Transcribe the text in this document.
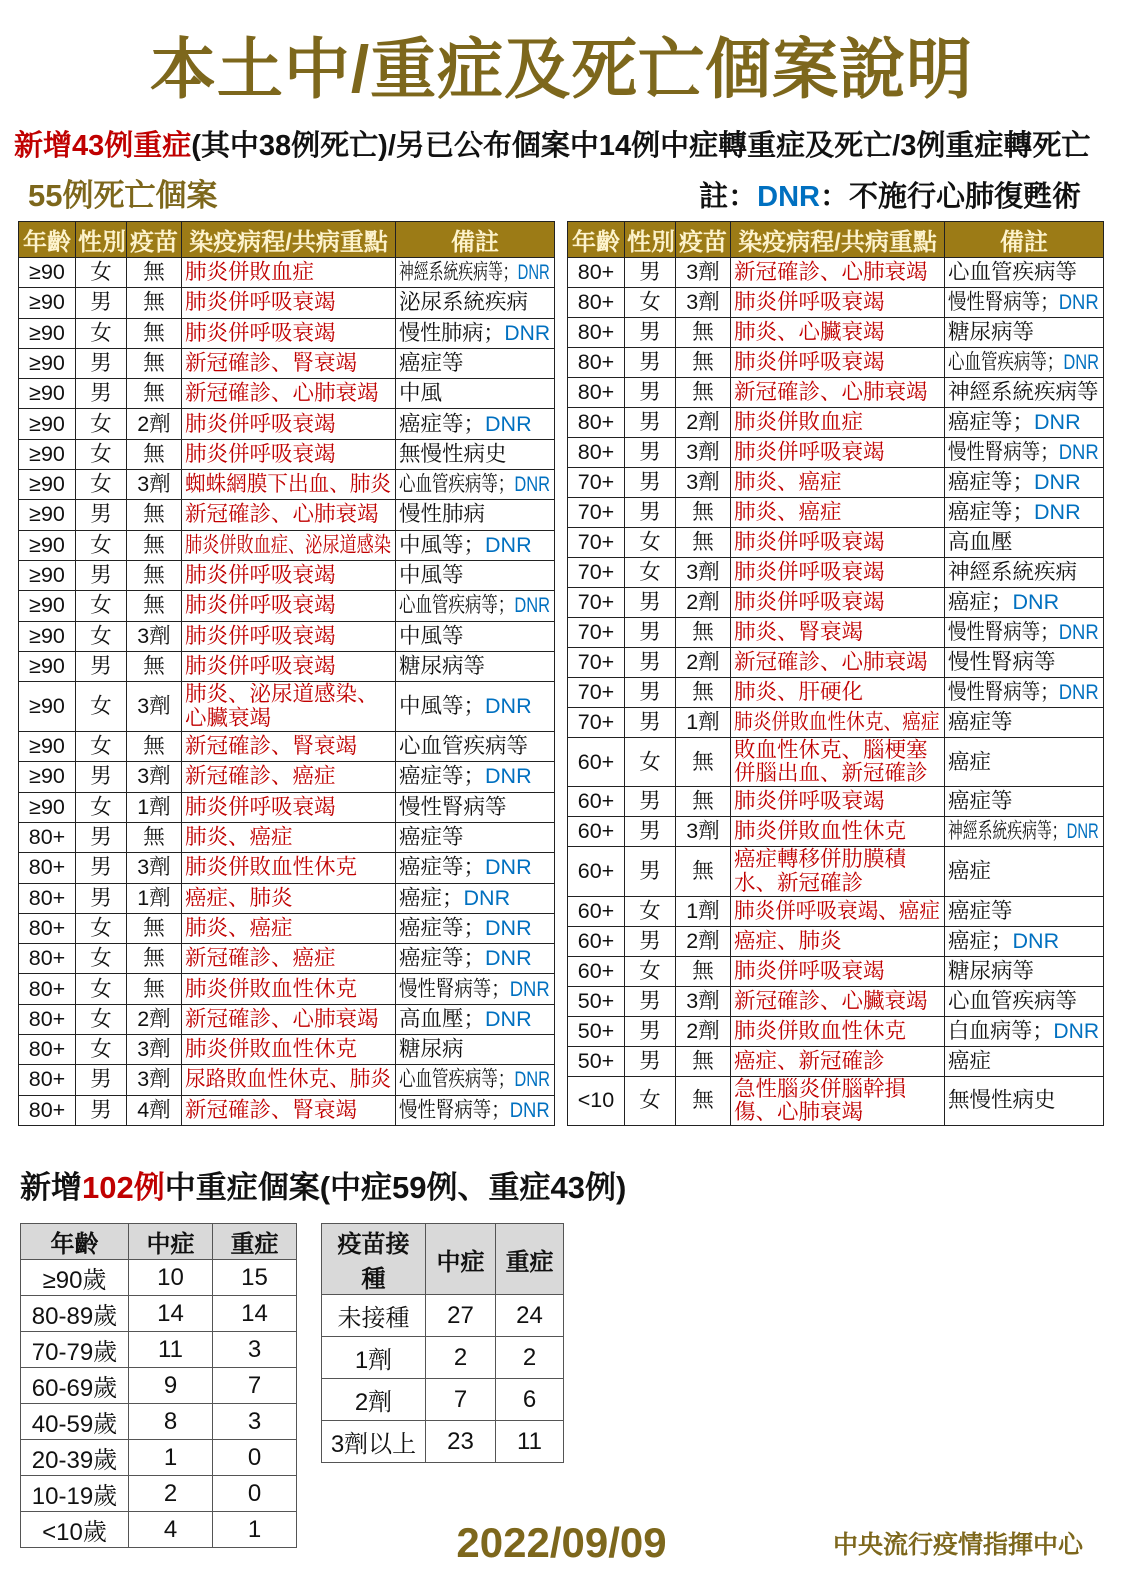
本土中/重症及死亡個案說明
新增43例重症(其中38例死亡)/另已公布個案中14例中症轉重症及死亡/3例重症轉死亡
55例死亡個案	註：DNR：不施行心肺復甦術
年齡	性別	疫苗	染疫病程/共病重點	備註
≥90	女	無	肺炎併敗血症	神經系統疾病等；DNR
≥90	男	無	肺炎併呼吸衰竭	泌尿系統疾病
≥90	女	無	肺炎併呼吸衰竭	慢性肺病；DNR
≥90	男	無	新冠確診、腎衰竭	癌症等
≥90	男	無	新冠確診、心肺衰竭	中風
≥90	女	2劑	肺炎併呼吸衰竭	癌症等；DNR
≥90	女	無	肺炎併呼吸衰竭	無慢性病史
≥90	女	3劑	蜘蛛網膜下出血、肺炎	心血管疾病等；DNR
≥90	男	無	新冠確診、心肺衰竭	慢性肺病
≥90	女	無	肺炎併敗血症、泌尿道感染	中風等；DNR
≥90	男	無	肺炎併呼吸衰竭	中風等
≥90	女	無	肺炎併呼吸衰竭	心血管疾病等；DNR
≥90	女	3劑	肺炎併呼吸衰竭	中風等
≥90	男	無	肺炎併呼吸衰竭	糖尿病等
≥90	女	3劑	肺炎、泌尿道感染、心臟衰竭	中風等；DNR
≥90	女	無	新冠確診、腎衰竭	心血管疾病等
≥90	男	3劑	新冠確診、癌症	癌症等；DNR
≥90	女	1劑	肺炎併呼吸衰竭	慢性腎病等
80+	男	無	肺炎、癌症	癌症等
80+	男	3劑	肺炎併敗血性休克	癌症等；DNR
80+	男	1劑	癌症、肺炎	癌症；DNR
80+	女	無	肺炎、癌症	癌症等；DNR
80+	女	無	新冠確診、癌症	癌症等；DNR
80+	女	無	肺炎併敗血性休克	慢性腎病等；DNR
80+	女	2劑	新冠確診、心肺衰竭	高血壓；DNR
80+	女	3劑	肺炎併敗血性休克	糖尿病
80+	男	3劑	尿路敗血性休克、肺炎	心血管疾病等；DNR
80+	男	4劑	新冠確診、腎衰竭	慢性腎病等；DNR
年齡	性別	疫苗	染疫病程/共病重點	備註
80+	男	3劑	新冠確診、心肺衰竭	心血管疾病等
80+	女	3劑	肺炎併呼吸衰竭	慢性腎病等；DNR
80+	男	無	肺炎、心臟衰竭	糖尿病等
80+	男	無	肺炎併呼吸衰竭	心血管疾病等；DNR
80+	男	無	新冠確診、心肺衰竭	神經系統疾病等
80+	男	2劑	肺炎併敗血症	癌症等；DNR
80+	男	3劑	肺炎併呼吸衰竭	慢性腎病等；DNR
70+	男	3劑	肺炎、癌症	癌症等；DNR
70+	男	無	肺炎、癌症	癌症等；DNR
70+	女	無	肺炎併呼吸衰竭	高血壓
70+	女	3劑	肺炎併呼吸衰竭	神經系統疾病
70+	男	2劑	肺炎併呼吸衰竭	癌症；DNR
70+	男	無	肺炎、腎衰竭	慢性腎病等；DNR
70+	男	2劑	新冠確診、心肺衰竭	慢性腎病等
70+	男	無	肺炎、肝硬化	慢性腎病等；DNR
70+	男	1劑	肺炎併敗血性休克、癌症	癌症等
60+	女	無	敗血性休克、腦梗塞併腦出血、新冠確診	癌症
60+	男	無	肺炎併呼吸衰竭	癌症等
60+	男	3劑	肺炎併敗血性休克	神經系統疾病等；DNR
60+	男	無	癌症轉移併肋膜積水、新冠確診	癌症
60+	女	1劑	肺炎併呼吸衰竭、癌症	癌症等
60+	男	2劑	癌症、肺炎	癌症；DNR
60+	女	無	肺炎併呼吸衰竭	糖尿病等
50+	男	3劑	新冠確診、心臟衰竭	心血管疾病等
50+	男	2劑	肺炎併敗血性休克	白血病等；DNR
50+	男	無	癌症、新冠確診	癌症
<10	女	無	急性腦炎併腦幹損傷、心肺衰竭	無慢性病史
新增102例中重症個案(中症59例、重症43例)
年齡	中症	重症
≥90歲	10	15
80-89歲	14	14
70-79歲	11	3
60-69歲	9	7
40-59歲	8	3
20-39歲	1	0
10-19歲	2	0
<10歲	4	1
疫苗接種	中症	重症
未接種	27	24
1劑	2	2
2劑	7	6
3劑以上	23	11
2022/09/09	中央流行疫情指揮中心
